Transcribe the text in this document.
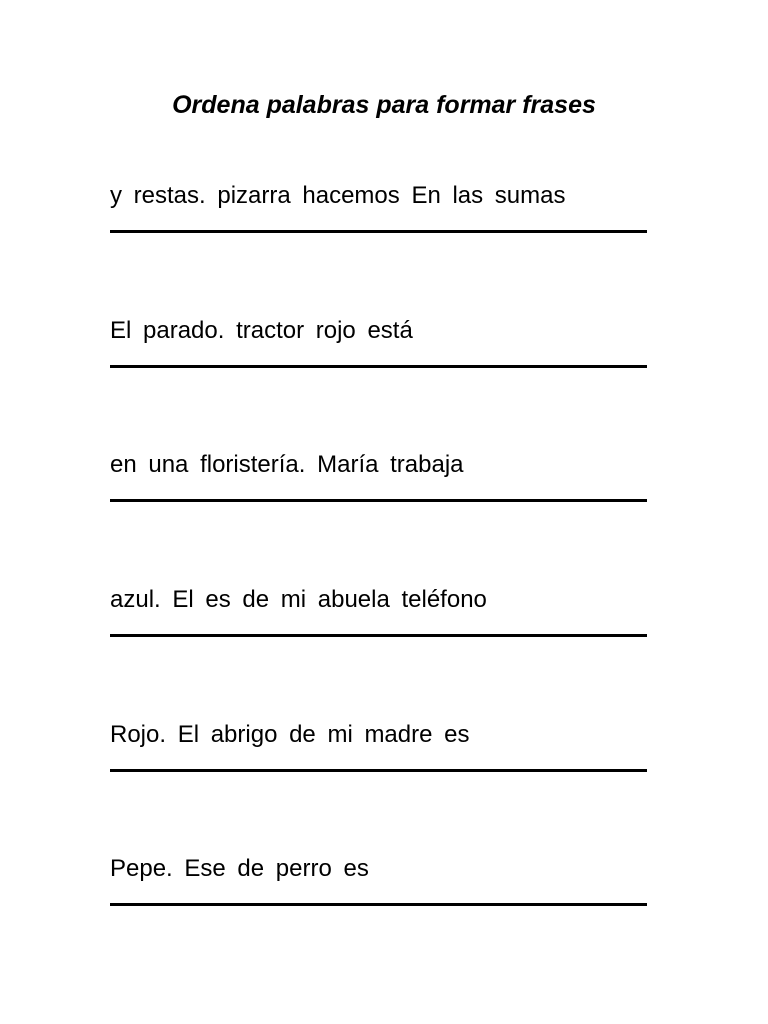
Ordena palabras para formar frases
y restas. pizarra hacemos En las sumas
El parado. tractor rojo está
en una floristería. María trabaja
azul. El es de mi abuela teléfono
Rojo. El abrigo de mi madre es
Pepe. Ese de perro es
